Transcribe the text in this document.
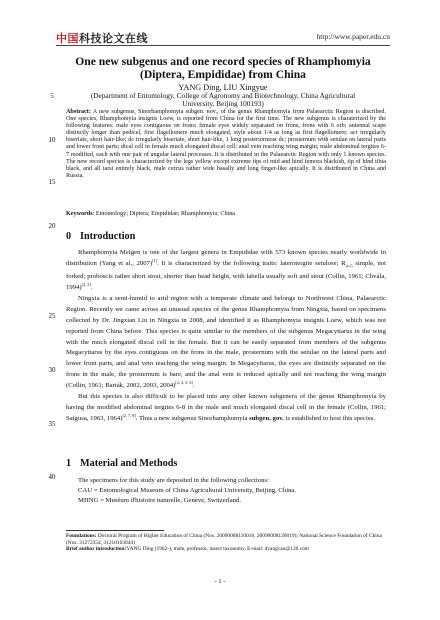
中国科技论文在线	http://www.paper.edu.cn
One new subgenus and one record species of Rhamphomyia
(Diptera, Empididae) from China
YANG Ding, LIU Xingyue
(Department of Entomology, College of Agronomy and Biotechnology, China Agricultural
University, Beijing 100193)
Abstract: A new subgenus, Sinorhamphomyia subgen. nov., of the genus Rhamphomyia from Palaearctic Region is discribed. One species, Rhamphomyia insignis Loew, is reported from China for the first time. The new subgenus is charaterized by the following features: male eyes contiguous on frons; female eyes widely separated on frons, frons with 6 orb; antennal scape distinctly longer than pedicel, first flagellomere much elongated, style about 1/4 as long as first flagellomere; acr irregularly biseriate, short hair-like; dc irregularly biseriate, short hair-like, 1 long posteriormost dc; prosternum with setulae on lateral parts and lower front parts; dical cell in female much elongated discal cell; anal vein reaching wing margin; male abdominal tergites 6-7 modified, each with one pair of angular lateral processes. It is distributed in the Palaearctic Region with only 1 known species. The new record species is characterized by the legs yellow except extreme tips of mid and hind femora blackish, tip of hind tibia black, and all tarsi entirely black, male cercus rather wide basally and long finger-like apically. It is distributed in China and Russia.
Keywords: Entomology; Diptera; Empididae; Rhamphomyia; China
5
10
15
20
25
30
35
40
0 Introduction

Rhamphomyia Meigen is one of the largest genera in Empididae with 573 known species nearly worldwide in distribution (Yang et al., 2007)[1]. It is characterized by the following traits: laterotergite setulose; $R_{4+5}$ simple, not forked; proboscis rather short stout, shorter than head height, with labella usually soft and stout (Collin, 1961; Chvála, 1994)[2, 3].

Ningxia is a semi-humid to arid region with a temperate climate and belongs to Northwest China, Palaearctic Region. Recently we came across an unusual species of the genus Rhamphomyia from Ningxia, based on specimens collected by Dr. Jingxian Liu in Ningxia in 2008, and identified it as Rhamphomyia insignis Loew, which was not reported from China before. This species is quite similar to the members of the subgenus Megacyttarus in the wing with the much elongated discal cell in the female. But it can be easily separated from members of the subgenus Megacyttarus by the eyes contiguous on the frons in the male, prosternum with the setulae on the lateral parts and lower front parts, and anal vein reaching the wing margin. In Megacyttarus, the eyes are distinctly separated on the frons in the male, the prosternum is bare, and the anal vein is reduced apically and not reaching the wing margin (Collin, 1961; Barták, 2002, 2003, 2004)[2, 4, 5, 6].

But this species is also difficult to be placed into any other known subgenera of the genus Rhamphomyia by having the modified abdominal tergites 6-8 in the male and much elongated discal cell in the female (Collin, 1961; Saigusa, 1963, 1964)[2, 7, 8]. Thus a new subgenus Sinorhamphomyia subgen. gov. is established to host this species.

1 Material and Methods
The specimens for this study are deposited in the following collections:
CAU = Entomological Museum of China Agricultural University, Beijing, China.
MHNG = Muséum d'histoire naturelle, Genève, Switzerland.
Foundations: Doctoral Program of Higher Education of China (Nos. 20090008110016, 20090008120019); National Science Foundation of China (Nos. 31272354, 31210103044)
Brief author introduction:YANG Ding (1962-), male, professor, insect taxonomy. E-mail: dyangcau@126.com
- 1 -
